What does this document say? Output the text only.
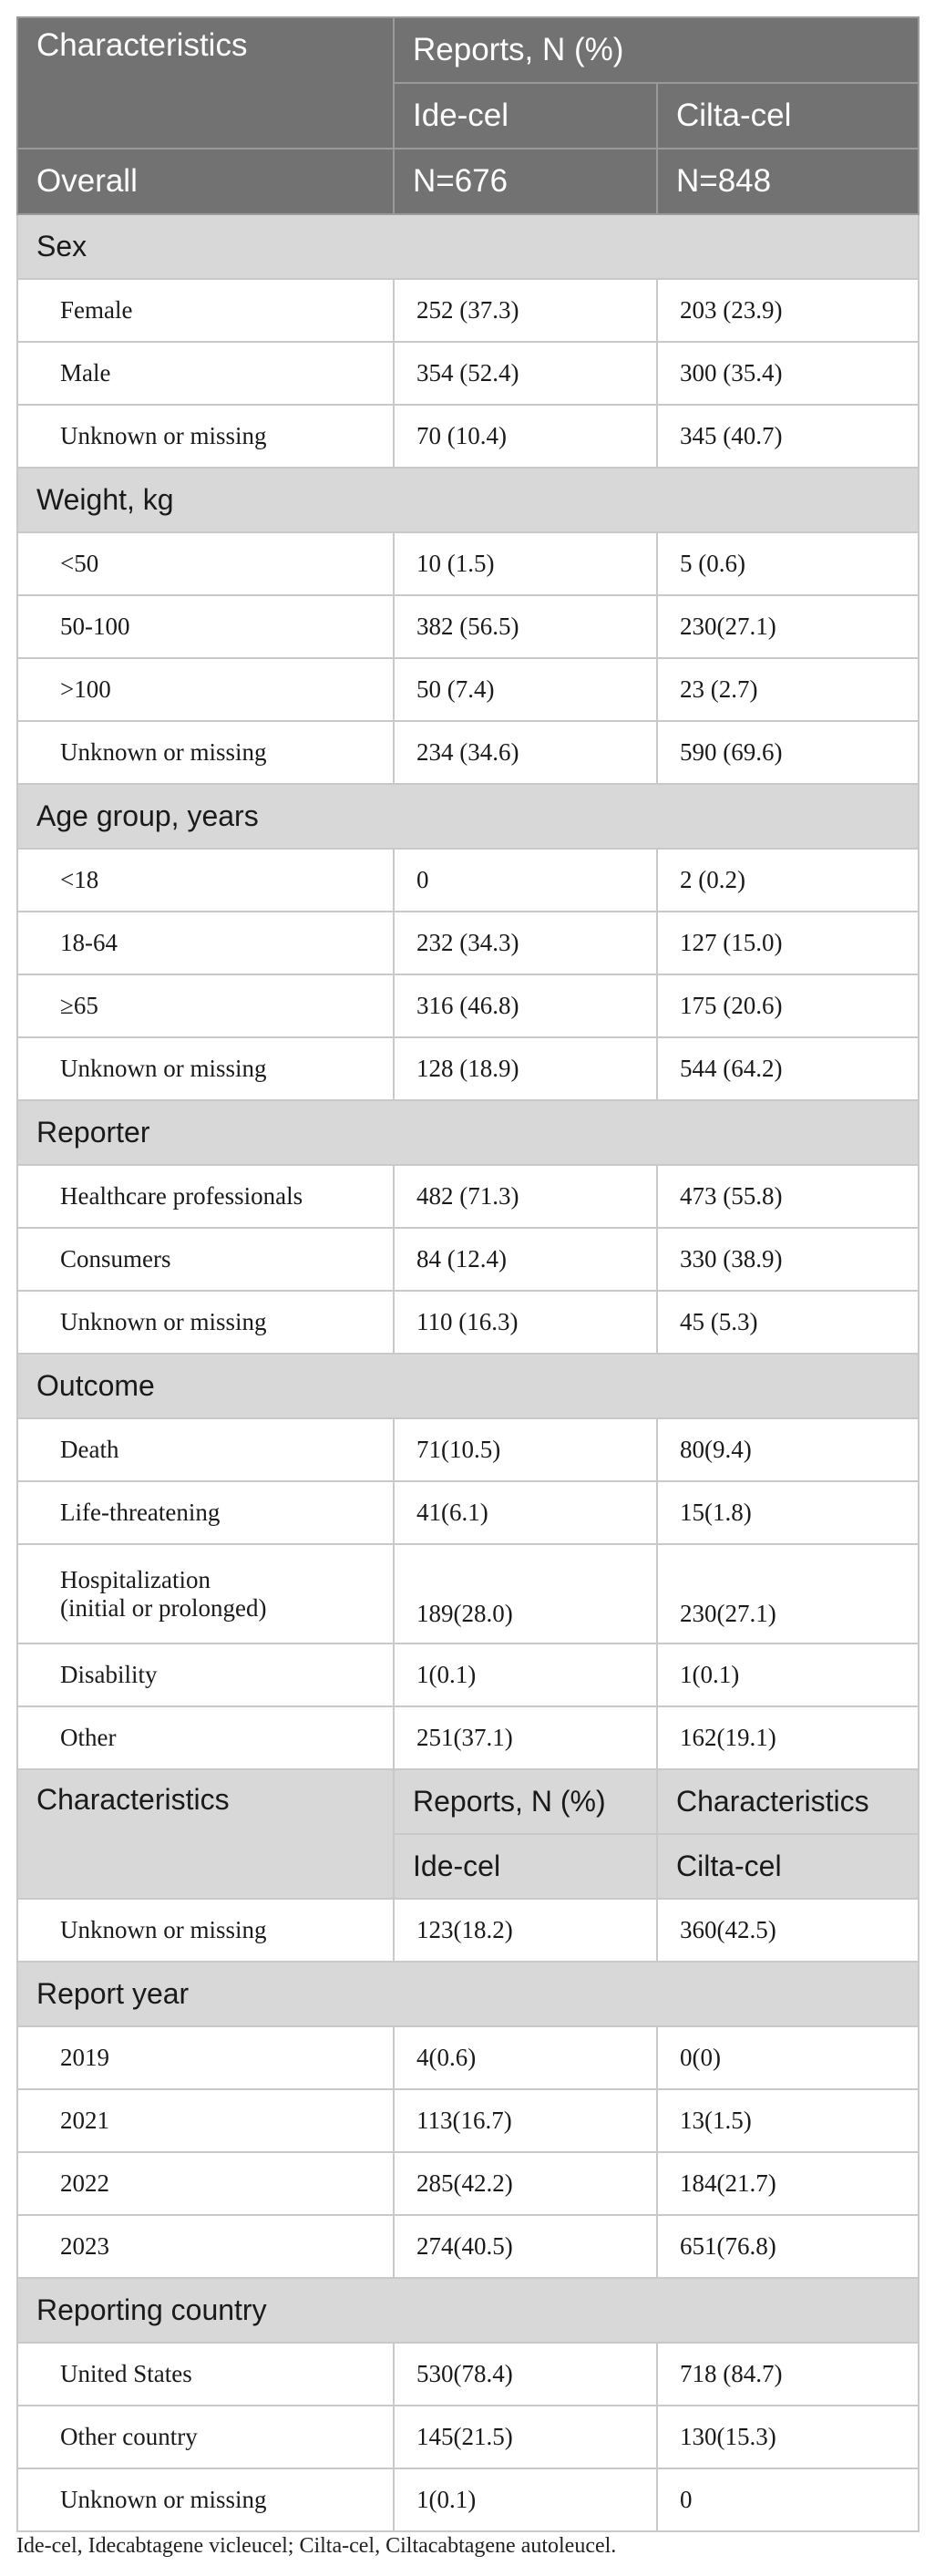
Characteristics	Reports, N (%)	
	Ide-cel	Cilta-cel
Overall	N=676	N=848
Sex		
Female	252 (37.3)	203 (23.9)
Male	354 (52.4)	300 (35.4)
Unknown or missing	70 (10.4)	345 (40.7)
Weight, kg		
<50	10 (1.5)	5 (0.6)
50-100	382 (56.5)	230(27.1)
>100	50 (7.4)	23 (2.7)
Unknown or missing	234 (34.6)	590 (69.6)
Age group, years		
<18	0	2 (0.2)
18-64	232 (34.3)	127 (15.0)
≥65	316 (46.8)	175 (20.6)
Unknown or missing	128 (18.9)	544 (64.2)
Reporter		
Healthcare professionals	482 (71.3)	473 (55.8)
Consumers	84 (12.4)	330 (38.9)
Unknown or missing	110 (16.3)	45 (5.3)
Outcome		
Death	71(10.5)	80(9.4)
Life-threatening	41(6.1)	15(1.8)

Hospitalization
(initial or prolonged)	189(28.0)	230(27.1)
Disability	1(0.1)	1(0.1)
Other	251(37.1)	162(19.1)
Characteristics	Reports, N (%)	Characteristics
	Ide-cel	Cilta-cel
Unknown or missing	123(18.2)	360(42.5)
Report year		
2019	4(0.6)	0(0)
2021	113(16.7)	13(1.5)
2022	285(42.2)	184(21.7)
2023	274(40.5)	651(76.8)
Reporting country		
United States	530(78.4)	718 (84.7)
Other country	145(21.5)	130(15.3)
Unknown or missing	1(0.1)	0
Ide-cel, Idecabtagene vicleucel; Cilta-cel, Ciltacabtagene autoleucel.
